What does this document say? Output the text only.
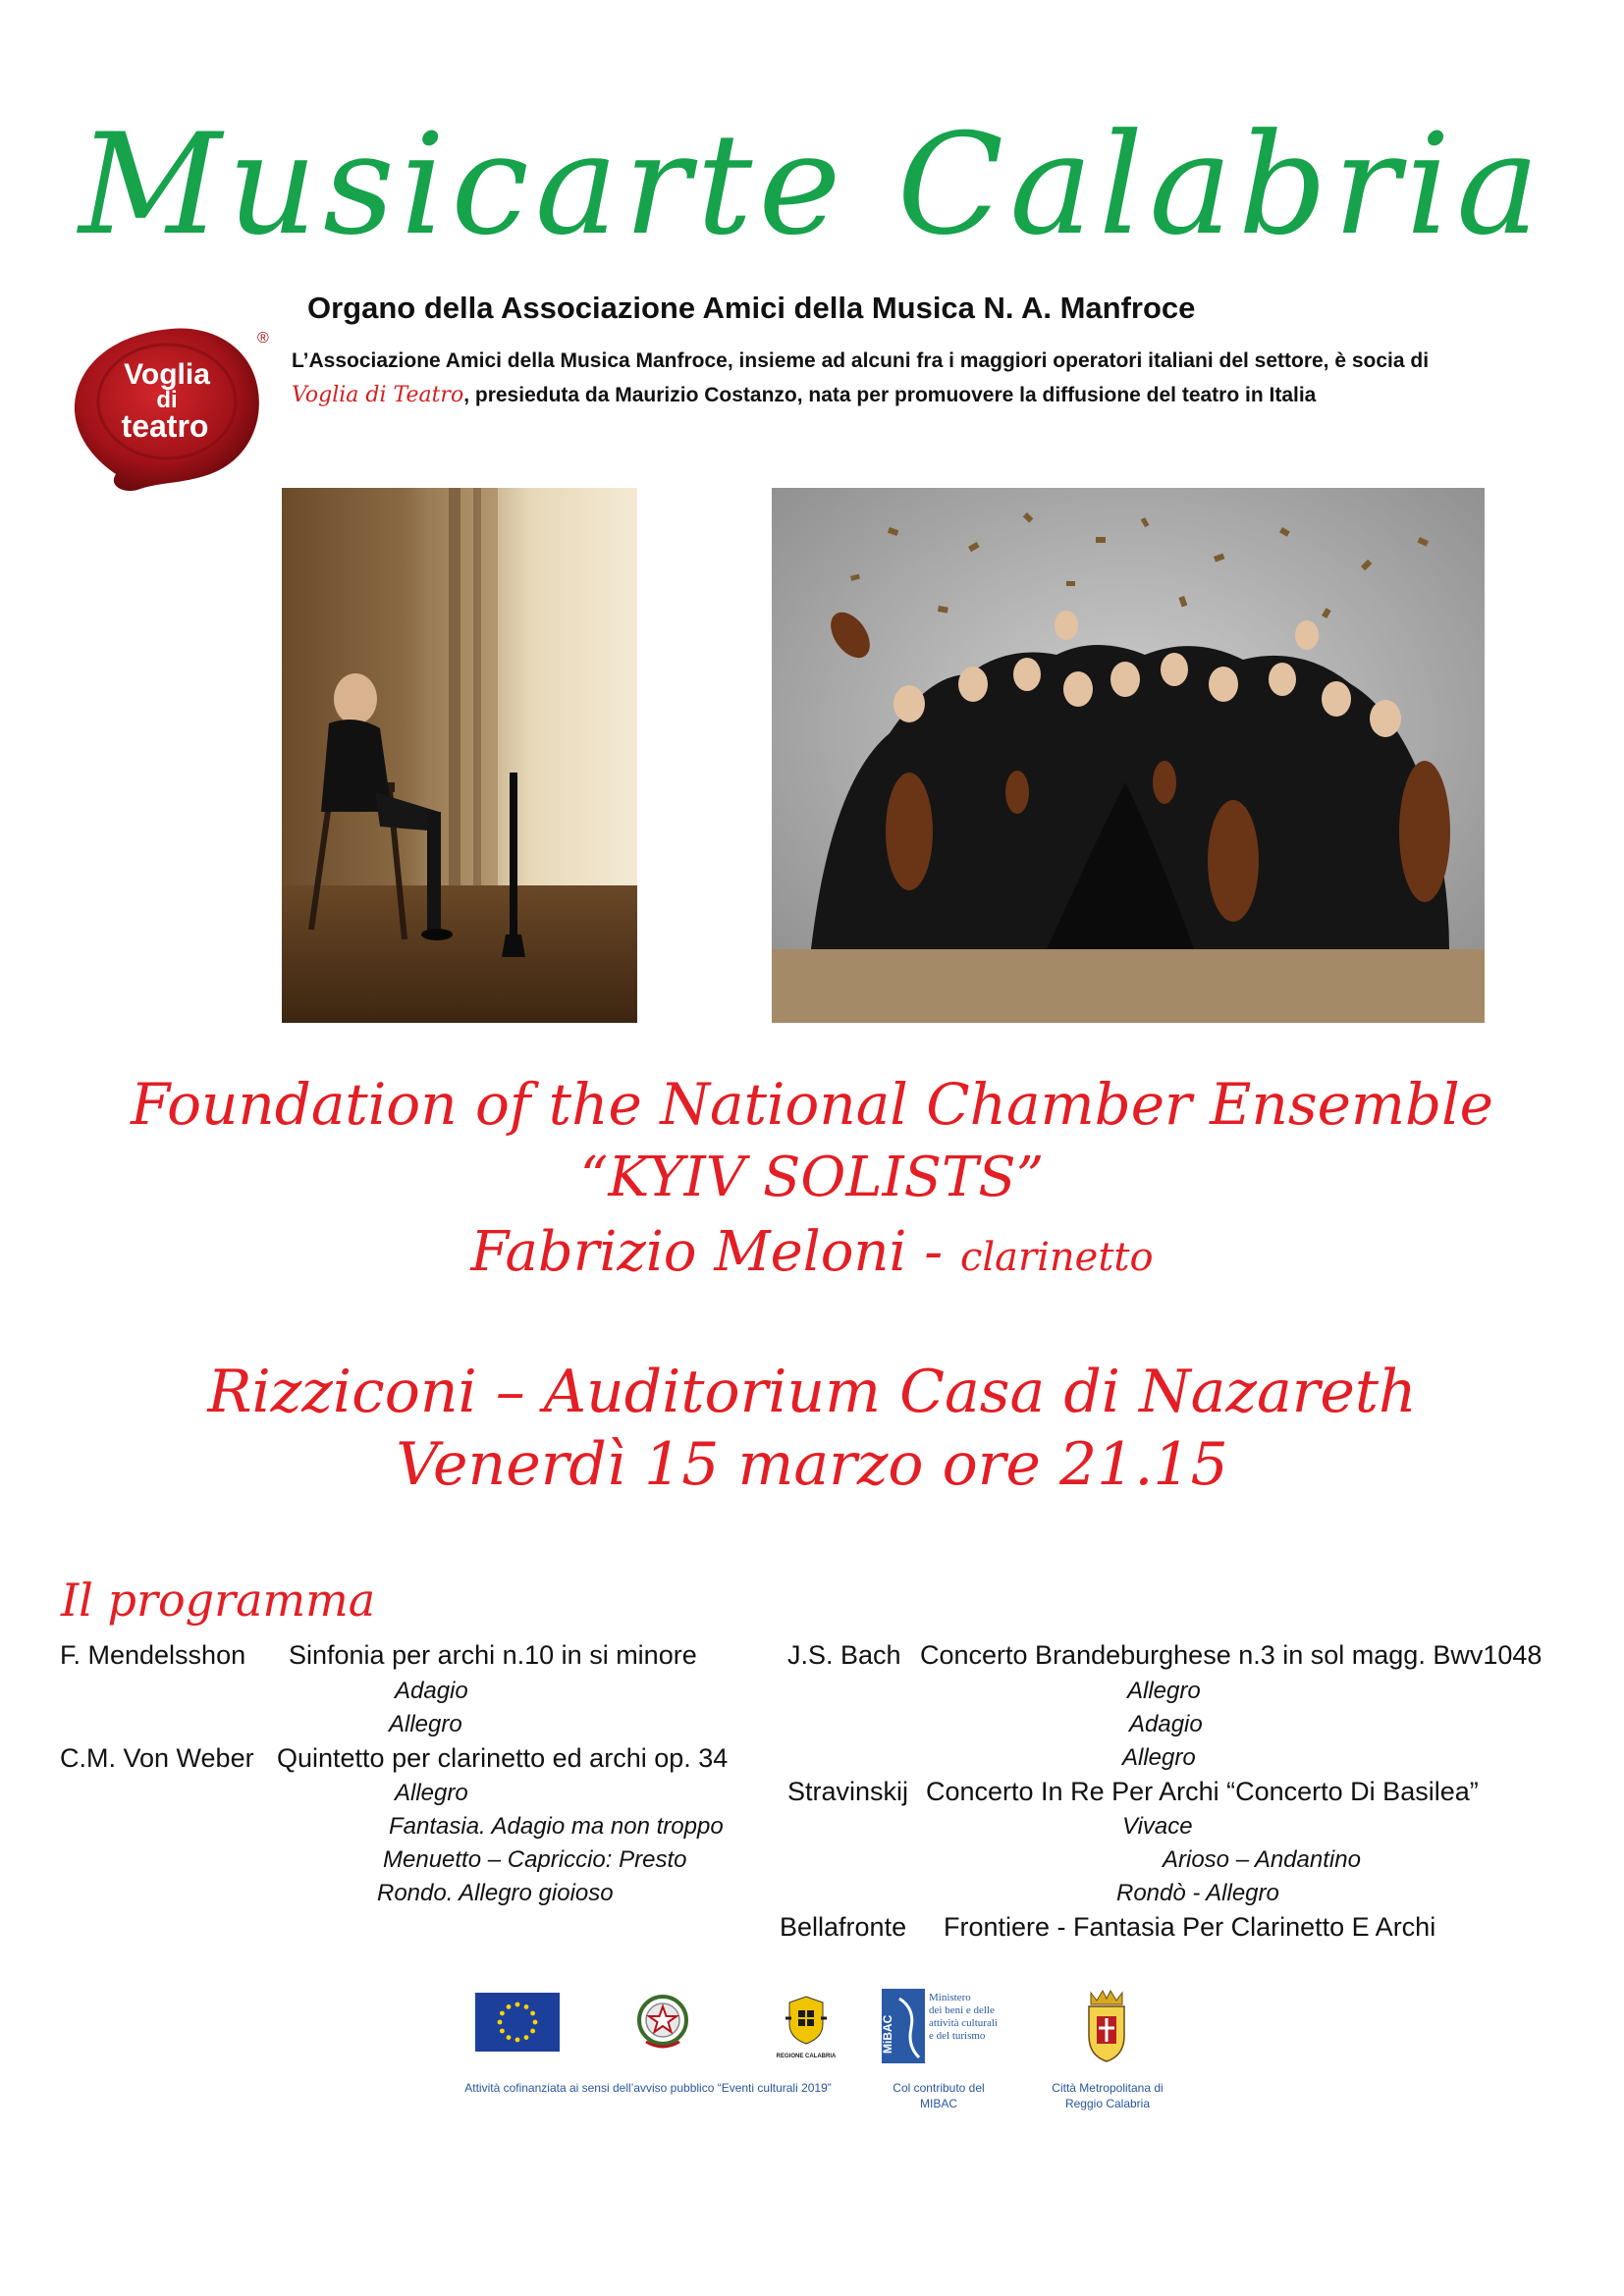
Musicarte Calabria
Organo della Associazione Amici della Musica N. A. Manfroce
Voglia
di
teatro
®
L’Associazione Amici della Musica Manfroce, insieme ad alcuni fra i maggiori operatori italiani del settore, è socia di
Voglia di Teatro, presieduta da Maurizio Costanzo, nata per promuovere la diffusione del teatro in Italia
Foundation of the National Chamber Ensemble
“KYIV SOLISTS”
Fabrizio Meloni - clarinetto
Rizziconi – Auditorium Casa di Nazareth
Venerdì 15 marzo ore 21.15
Il programma
F. Mendelsshon Sinfonia per archi n.10 in si minore
Adagio
Allegro
C.M. Von Weber Quintetto per clarinetto ed archi op. 34
Allegro
Fantasia. Adagio ma non troppo
Menuetto – Capriccio: Presto
Rondo. Allegro gioioso
J.S. Bach Concerto Brandeburghese n.3 in sol magg. Bwv1048
Allegro
Adagio
Allegro
Stravinskij Concerto In Re Per Archi “Concerto Di Basilea”
Vivace
Arioso – Andantino
Rondò - Allegro
Bellafronte Frontiere - Fantasia Per Clarinetto E Archi
REGIONE CALABRIA
MiBAC
Ministero
dei beni e delle
attività culturali
e del turismo
Attività cofinanziata ai sensi dell’avviso pubblico “Eventi culturali 2019”	Col contributo del
MIBAC
Città Metropolitana di
Reggio Calabria
